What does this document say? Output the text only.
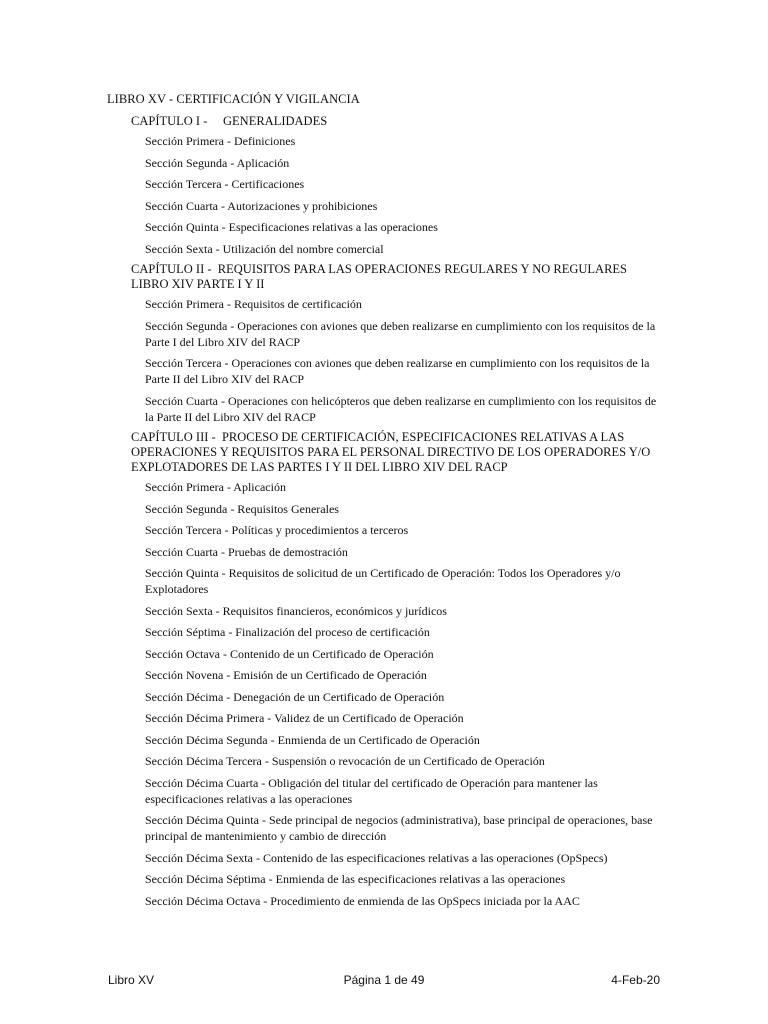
LIBRO XV - CERTIFICACIÓN Y VIGILANCIA
CAPÍTULO I - GENERALIDADES
Sección Primera - Definiciones
Sección Segunda - Aplicación
Sección Tercera - Certificaciones
Sección Cuarta - Autorizaciones y prohibiciones
Sección Quinta - Especificaciones relativas a las operaciones
Sección Sexta - Utilización del nombre comercial
CAPÍTULO II - REQUISITOS PARA LAS OPERACIONES REGULARES Y NO REGULARES LIBRO XIV PARTE I Y II
Sección Primera - Requisitos de certificación
Sección Segunda - Operaciones con aviones que deben realizarse en cumplimiento con los requisitos de la Parte I del Libro XIV del RACP
Sección Tercera - Operaciones con aviones que deben realizarse en cumplimiento con los requisitos de la Parte II del Libro XIV del RACP
Sección Cuarta - Operaciones con helicópteros que deben realizarse en cumplimiento con los requisitos de la Parte II del Libro XIV del RACP
CAPÍTULO III - PROCESO DE CERTIFICACIÓN, ESPECIFICACIONES RELATIVAS A LAS OPERACIONES Y REQUISITOS PARA EL PERSONAL DIRECTIVO DE LOS OPERADORES Y/O EXPLOTADORES DE LAS PARTES I Y II DEL LIBRO XIV DEL RACP
Sección Primera - Aplicación
Sección Segunda - Requisitos Generales
Sección Tercera - Políticas y procedimientos a terceros
Sección Cuarta - Pruebas de demostración
Sección Quinta - Requisitos de solicitud de un Certificado de Operación: Todos los Operadores y/o Explotadores
Sección Sexta - Requisitos financieros, económicos y jurídicos
Sección Séptima - Finalización del proceso de certificación
Sección Octava - Contenido de un Certificado de Operación
Sección Novena - Emisión de un Certificado de Operación
Sección Décima - Denegación de un Certificado de Operación
Sección Décima Primera - Validez de un Certificado de Operación
Sección Décima Segunda - Enmienda de un Certificado de Operación
Sección Décima Tercera - Suspensión o revocación de un Certificado de Operación
Sección Décima Cuarta - Obligación del titular del certificado de Operación para mantener las especificaciones relativas a las operaciones
Sección Décima Quinta - Sede principal de negocios (administrativa), base principal de operaciones, base principal de mantenimiento y cambio de dirección
Sección Décima Sexta - Contenido de las especificaciones relativas a las operaciones (OpSpecs)
Sección Décima Séptima - Enmienda de las especificaciones relativas a las operaciones
Sección Décima Octava - Procedimiento de enmienda de las OpSpecs iniciada por la AAC
Libro XV	Página 1 de 49	4-Feb-20
